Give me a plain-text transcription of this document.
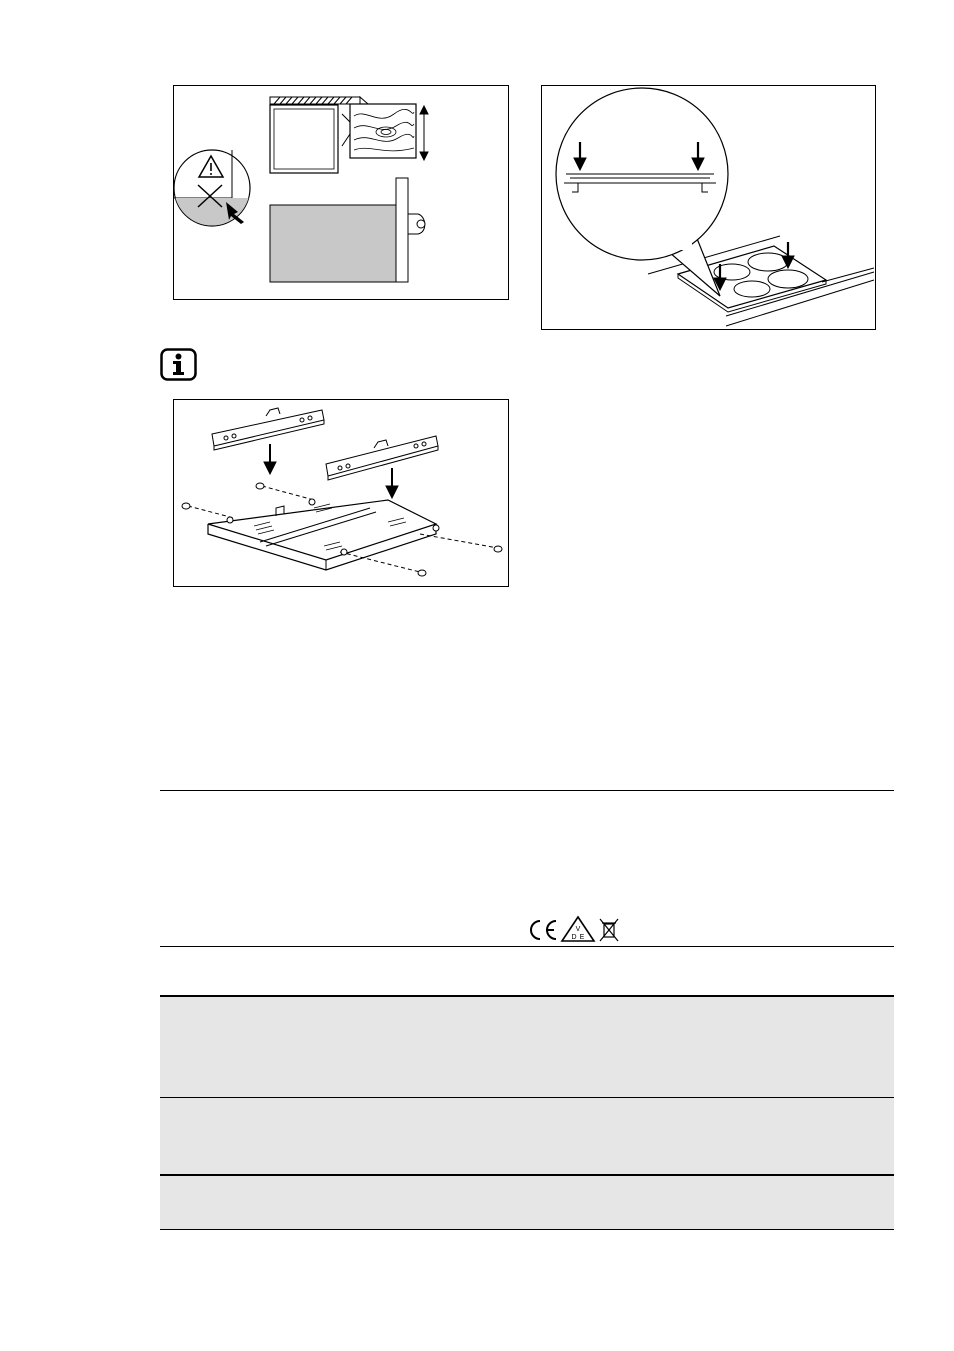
V
D E
